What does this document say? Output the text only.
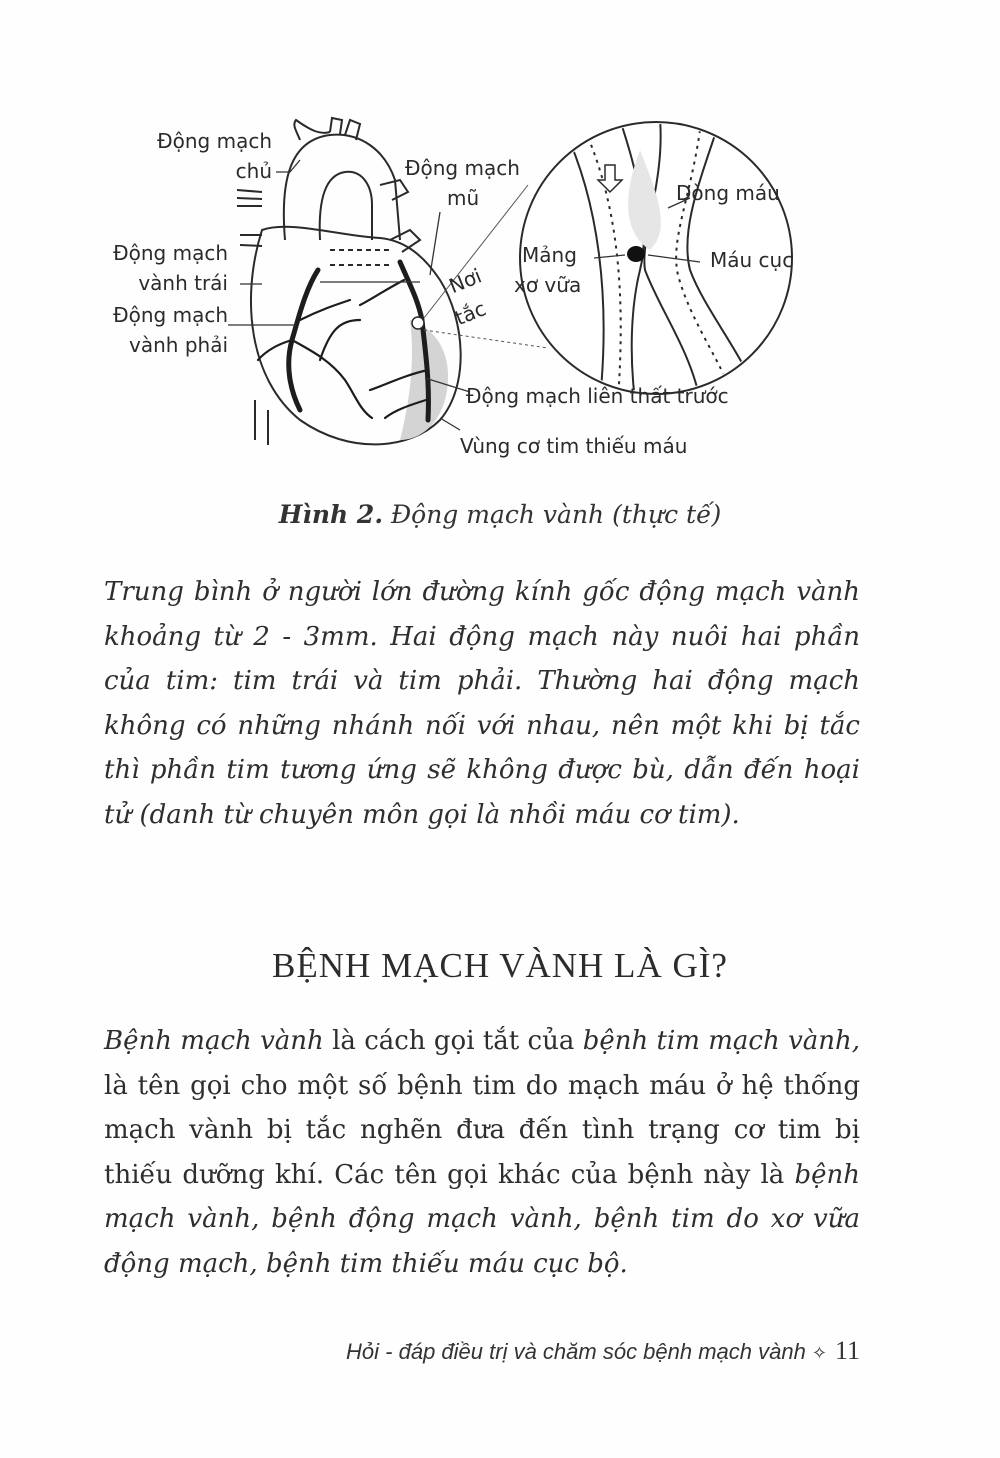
Động mạch
chủ	Động mạch
mũ
Động mạch
vành trái
Động mạch
vành phải
Nơi
tắc
Mảng
xơ vữa
Dòng máu
Máu cục
Động mạch liên thất trước
Vùng cơ tim thiếu máu
Hình 2. Động mạch vành (thực tế)

Trung bình ở người lớn đường kính gốc động mạch vành khoảng từ 2 - 3mm. Hai động mạch này nuôi hai phần của tim: tim trái và tim phải. Thường hai động mạch không có những nhánh nối với nhau, nên một khi bị tắc thì phần tim tương ứng sẽ không được bù, dẫn đến hoại tử (danh từ chuyên môn gọi là nhồi máu cơ tim).

BỆNH MẠCH VÀNH LÀ GÌ?

Bệnh mạch vành là cách gọi tắt của bệnh tim mạch vành, là tên gọi cho một số bệnh tim do mạch máu ở hệ thống mạch vành bị tắc nghẽn đưa đến tình trạng cơ tim bị thiếu dưỡng khí. Các tên gọi khác của bệnh này là bệnh mạch vành, bệnh động mạch vành, bệnh tim do xơ vữa động mạch, bệnh tim thiếu máu cục bộ.

Hỏi - đáp điều trị và chăm sóc bệnh mạch vành ✧ 11
